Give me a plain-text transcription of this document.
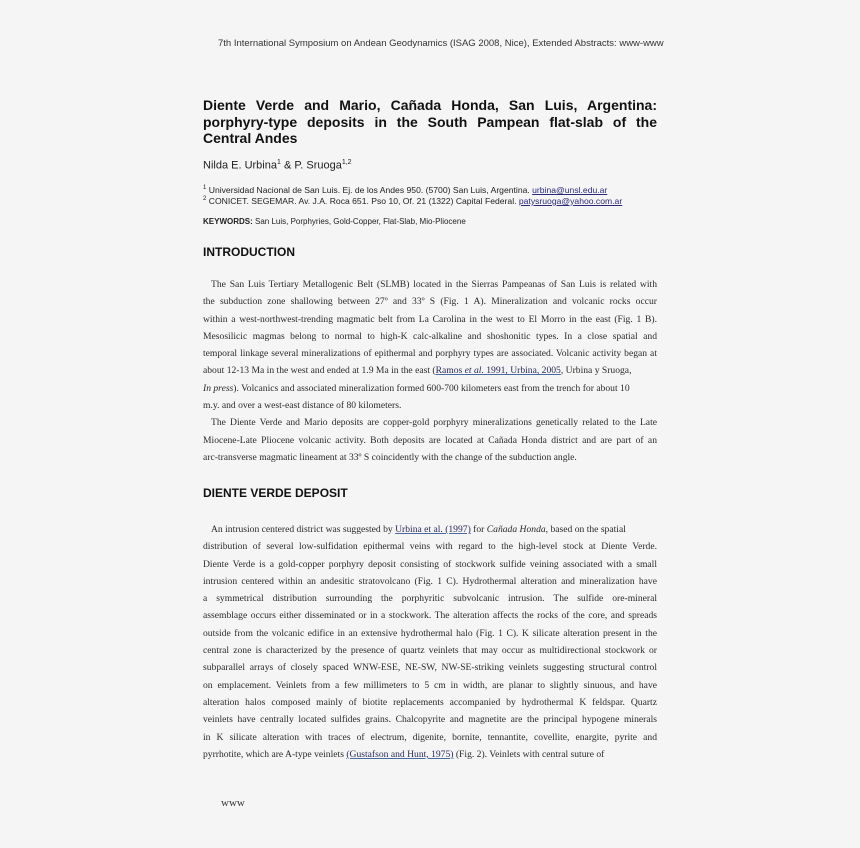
7th International Symposium on Andean Geodynamics (ISAG 2008, Nice), Extended Abstracts: www-www
Diente Verde and Mario, Cañada Honda, San Luis, Argentina: porphyry-type deposits in the South Pampean flat-slab of the Central Andes
Nilda E. Urbina$^1$ & P. Sruoga$^{1,2}$
$^1$ Universidad Nacional de San Luis. Ej. de los Andes 950. (5700) San Luis, Argentina. urbina@unsl.edu.ar
$^2$ CONICET. SEGEMAR. Av. J.A. Roca 651. Pso 10, Of. 21 (1322) Capital Federal. patysruoga@yahoo.com.ar
KEYWORDS: San Luis, Porphyries, Gold-Copper, Flat-Slab, Mio-Pliocene
INTRODUCTION
The San Luis Tertiary Metallogenic Belt (SLMB) located in the Sierras Pampeanas of San Luis is related with
the subduction zone shallowing between 27º and 33º S (Fig. 1 A). Mineralization and volcanic rocks occur
within a west-northwest-trending magmatic belt from La Carolina in the west to El Morro in the east (Fig. 1 B).
Mesosilicic magmas belong to normal to high-K calc-alkaline and shoshonitic types. In a close spatial and
temporal linkage several mineralizations of epithermal and porphyry types are associated. Volcanic activity began at
about 12-13 Ma in the west and ended at 1.9 Ma in the east (Ramos et al. 1991, Urbina, 2005, Urbina y Sruoga,
In press). Volcanics and associated mineralization formed 600-700 kilometers east from the trench for about 10
m.y. and over a west-east distance of 80 kilometers.
The Diente Verde and Mario deposits are copper-gold porphyry mineralizations genetically related to the Late
Miocene-Late Pliocene volcanic activity. Both deposits are located at Cañada Honda district and are part of an
arc-transverse magmatic lineament at 33º S coincidently with the change of the subduction angle.
DIENTE VERDE DEPOSIT
An intrusion centered district was suggested by Urbina et al. (1997) for Cañada Honda, based on the spatial
distribution of several low-sulfidation epithermal veins with regard to the high-level stock at Diente Verde.
Diente Verde is a gold-copper porphyry deposit consisting of stockwork sulfide veining associated with a small
intrusion centered within an andesitic stratovolcano (Fig. 1 C). Hydrothermal alteration and mineralization have
a symmetrical distribution surrounding the porphyritic subvolcanic intrusion. The sulfide ore-mineral
assemblage occurs either disseminated or in a stockwork. The alteration affects the rocks of the core, and spreads
outside from the volcanic edifice in an extensive hydrothermal halo (Fig. 1 C). K silicate alteration present in the
central zone is characterized by the presence of quartz veinlets that may occur as multidirectional stockwork or
subparallel arrays of closely spaced WNW-ESE, NE-SW, NW-SE-striking veinlets suggesting structural control
on emplacement. Veinlets from a few millimeters to 5 cm in width, are planar to slightly sinuous, and have
alteration halos composed mainly of biotite replacements accompanied by hydrothermal K feldspar. Quartz
veinlets have centrally located sulfides grains. Chalcopyrite and magnetite are the principal hypogene minerals
in K silicate alteration with traces of electrum, digenite, bornite, tennantite, covellite, enargite, pyrite and
pyrrhotite, which are A-type veinlets (Gustafson and Hunt, 1975) (Fig. 2). Veinlets with central suture of
www
